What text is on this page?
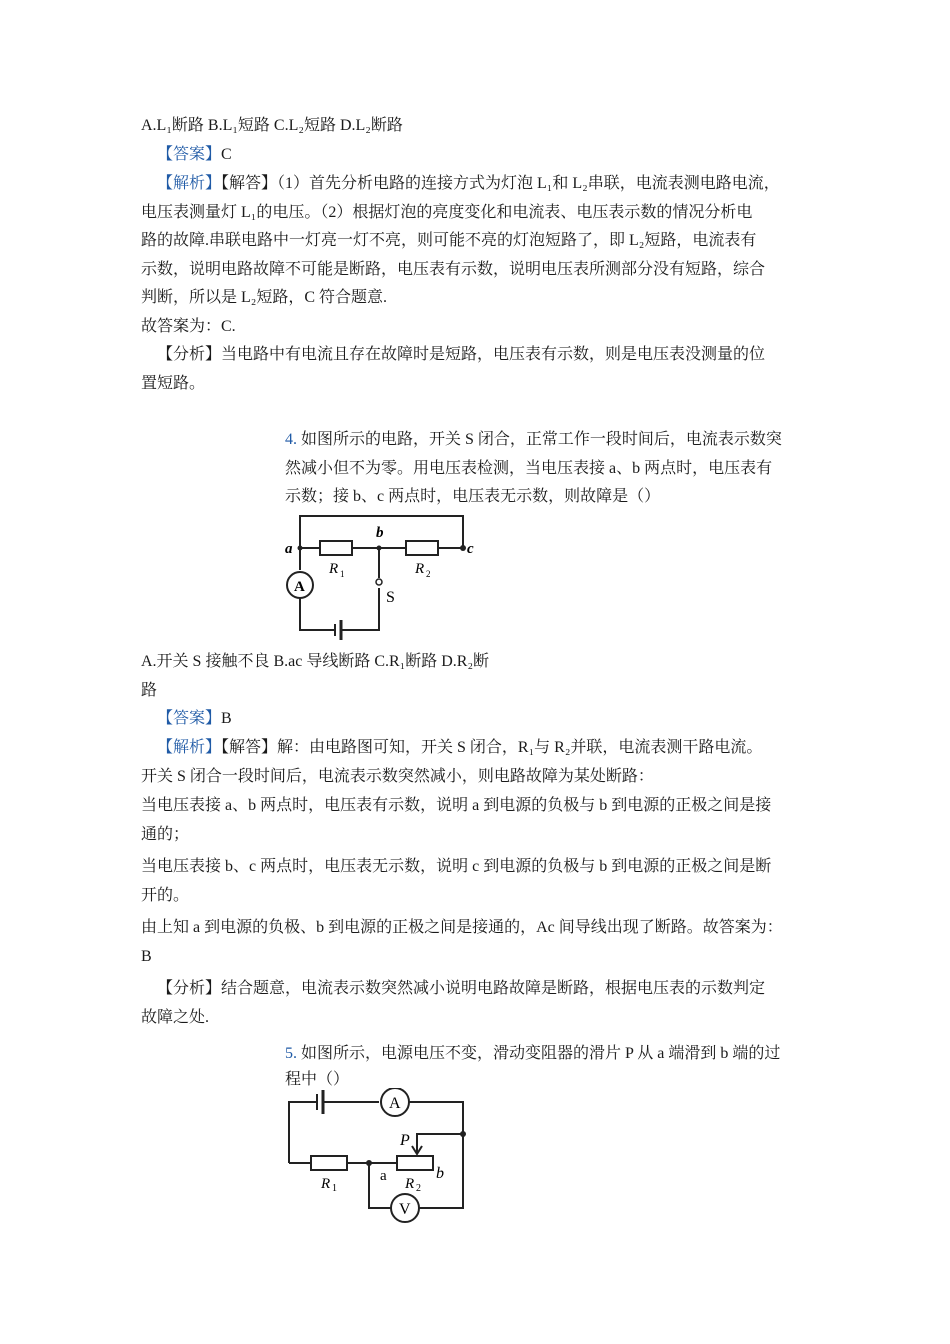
A.L₁断路 B.L₁短路 C.L₂短路 D.L₂断路
【答案】C
【解析】【解答】（1）首先分析电路的连接方式为灯泡 L₁和 L₂串联，电流表测电路电流，
电压表测量灯 L₁的电压。（2）根据灯泡的亮度变化和电流表、电压表示数的情况分析电
路的故障.串联电路中一灯亮一灯不亮，则可能不亮的灯泡短路了，即 L₂短路，电流表有
示数，说明电路故障不可能是断路，电压表有示数，说明电压表所测部分没有短路，综合
判断，所以是 L₂短路，C 符合题意.
故答案为：C.
【分析】当电路中有电流且存在故障时是短路，电压表有示数，则是电压表没测量的位
置短路。
4. 如图所示的电路，开关 S 闭合，正常工作一段时间后，电流表示数突
然减小但不为零。用电压表检测，当电压表接 a、b 两点时，电压表有
示数；接 b、c 两点时，电压表无示数，则故障是（）
a
b
c
R 1	R 2
A
S
A.开关 S 接触不良 B.ac 导线断路 C.R₁断路 D.R₂断
路
【答案】B
【解析】【解答】解：由电路图可知，开关 S 闭合，R₁与 R₂并联，电流表测干路电流。
开关 S 闭合一段时间后，电流表示数突然减小，则电路故障为某处断路：
当电压表接 a、b 两点时，电压表有示数，说明 a 到电源的负极与 b 到电源的正极之间是接
通的；
当电压表接 b、c 两点时，电压表无示数，说明 c 到电源的负极与 b 到电源的正极之间是断
开的。
由上知 a 到电源的负极、b 到电源的正极之间是接通的，Ac 间导线出现了断路。故答案为：
B
【分析】结合题意，电流表示数突然减小说明电路故障是断路，根据电压表的示数判定
故障之处.
5. 如图所示，电源电压不变，滑动变阻器的滑片 P 从 a 端滑到 b 端的过
程中（）
A
V
P
a	b
R 1	R 2
